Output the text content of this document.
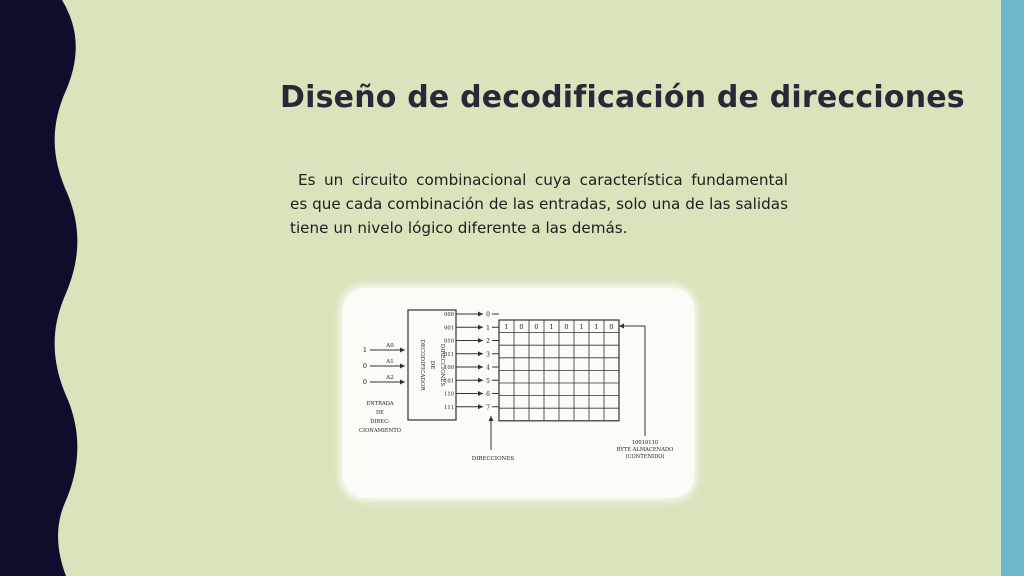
Diseño de decodificación de direcciones

Es un circuito combinacional cuya característica fundamental es que cada combinación de las entradas, solo una de las salidas tiene un nivelo lógico diferente a las demás.

DECODIFICADOR DE DIRECCIONES
1	A0
0	A1
0	A2
ENTRADA
DE
DIREC-
CIONAMIENTO
000	0
001	1
010	2
011	3
100	4
101	5
110	6
111	7
1 0 0 1 0 1 1 0
10010110
BYTE ALMACENADO
(CONTENIDO)
DIRECCIONES
